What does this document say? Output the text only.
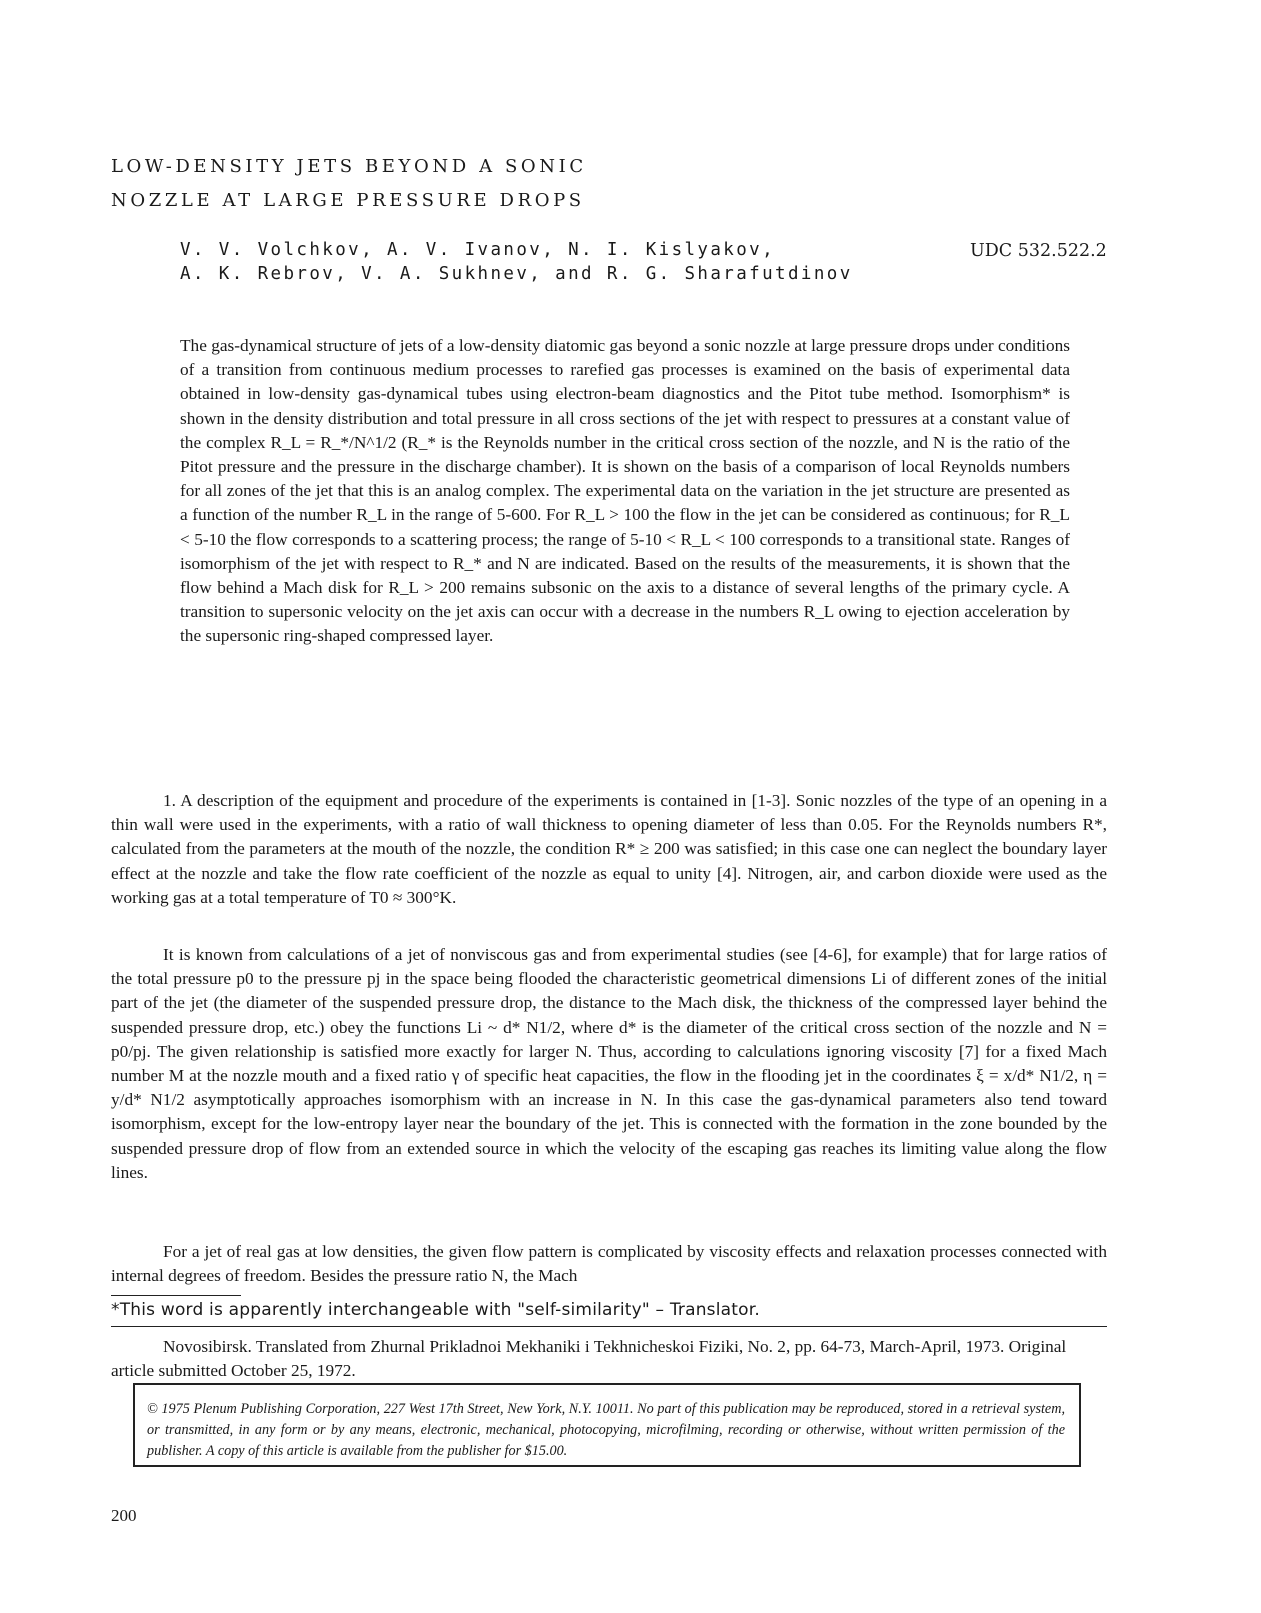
LOW-DENSITY JETS BEYOND A SONIC
NOZZLE AT LARGE PRESSURE DROPS
V. V. Volchkov, A. V. Ivanov, N. I. Kislyakov,
A. K. Rebrov, V. A. Sukhnev, and R. G. Sharafutdinov
UDC 532.522.2

The gas-dynamical structure of jets of a low-density diatomic gas beyond a sonic nozzle at large pressure drops under conditions of a transition from continuous medium processes to rarefied gas processes is examined on the basis of experimental data obtained in low-density gas-dynamical tubes using electron-beam diagnostics and the Pitot tube method. Isomorphism* is shown in the density distribution and total pressure in all cross sections of the jet with respect to pressures at a constant value of the complex R_L = R_*/N^1/2 (R_* is the Reynolds number in the critical cross section of the nozzle, and N is the ratio of the Pitot pressure and the pressure in the discharge chamber). It is shown on the basis of a comparison of local Reynolds numbers for all zones of the jet that this is an analog complex. The experimental data on the variation in the jet structure are presented as a function of the number R_L in the range of 5-600. For R_L > 100 the flow in the jet can be considered as continuous; for R_L < 5-10 the flow corresponds to a scattering process; the range of 5-10 < R_L < 100 corresponds to a transitional state. Ranges of isomorphism of the jet with respect to R_* and N are indicated. Based on the results of the measurements, it is shown that the flow behind a Mach disk for R_L > 200 remains subsonic on the axis to a distance of several lengths of the primary cycle. A transition to supersonic velocity on the jet axis can occur with a decrease in the numbers R_L owing to ejection acceleration by the supersonic ring-shaped compressed layer.

1. A description of the equipment and procedure of the experiments is contained in [1-3]. Sonic nozzles of the type of an opening in a thin wall were used in the experiments, with a ratio of wall thickness to opening diameter of less than 0.05. For the Reynolds numbers R*, calculated from the parameters at the mouth of the nozzle, the condition R* ≥ 200 was satisfied; in this case one can neglect the boundary layer effect at the nozzle and take the flow rate coefficient of the nozzle as equal to unity [4]. Nitrogen, air, and carbon dioxide were used as the working gas at a total temperature of T0 ≈ 300°K.

It is known from calculations of a jet of nonviscous gas and from experimental studies (see [4-6], for example) that for large ratios of the total pressure p0 to the pressure pj in the space being flooded the characteristic geometrical dimensions Li of different zones of the initial part of the jet (the diameter of the suspended pressure drop, the distance to the Mach disk, the thickness of the compressed layer behind the suspended pressure drop, etc.) obey the functions Li ~ d* N1/2, where d* is the diameter of the critical cross section of the nozzle and N = p0/pj. The given relationship is satisfied more exactly for larger N. Thus, according to calculations ignoring viscosity [7] for a fixed Mach number M at the nozzle mouth and a fixed ratio γ of specific heat capacities, the flow in the flooding jet in the coordinates ξ = x/d* N1/2, η = y/d* N1/2 asymptotically approaches isomorphism with an increase in N. In this case the gas-dynamical parameters also tend toward isomorphism, except for the low-entropy layer near the boundary of the jet. This is connected with the formation in the zone bounded by the suspended pressure drop of flow from an extended source in which the velocity of the escaping gas reaches its limiting value along the flow lines.

For a jet of real gas at low densities, the given flow pattern is complicated by viscosity effects and relaxation processes connected with internal degrees of freedom. Besides the pressure ratio N, the Mach

*This word is apparently interchangeable with "self-similarity" – Translator.

Novosibirsk. Translated from Zhurnal Prikladnoi Mekhaniki i Tekhnicheskoi Fiziki, No. 2, pp. 64-73, March-April, 1973. Original article submitted October 25, 1972.

© 1975 Plenum Publishing Corporation, 227 West 17th Street, New York, N.Y. 10011. No part of this publication may be reproduced, stored in a retrieval system, or transmitted, in any form or by any means, electronic, mechanical, photocopying, microfilming, recording or otherwise, without written permission of the publisher. A copy of this article is available from the publisher for $15.00.
200
